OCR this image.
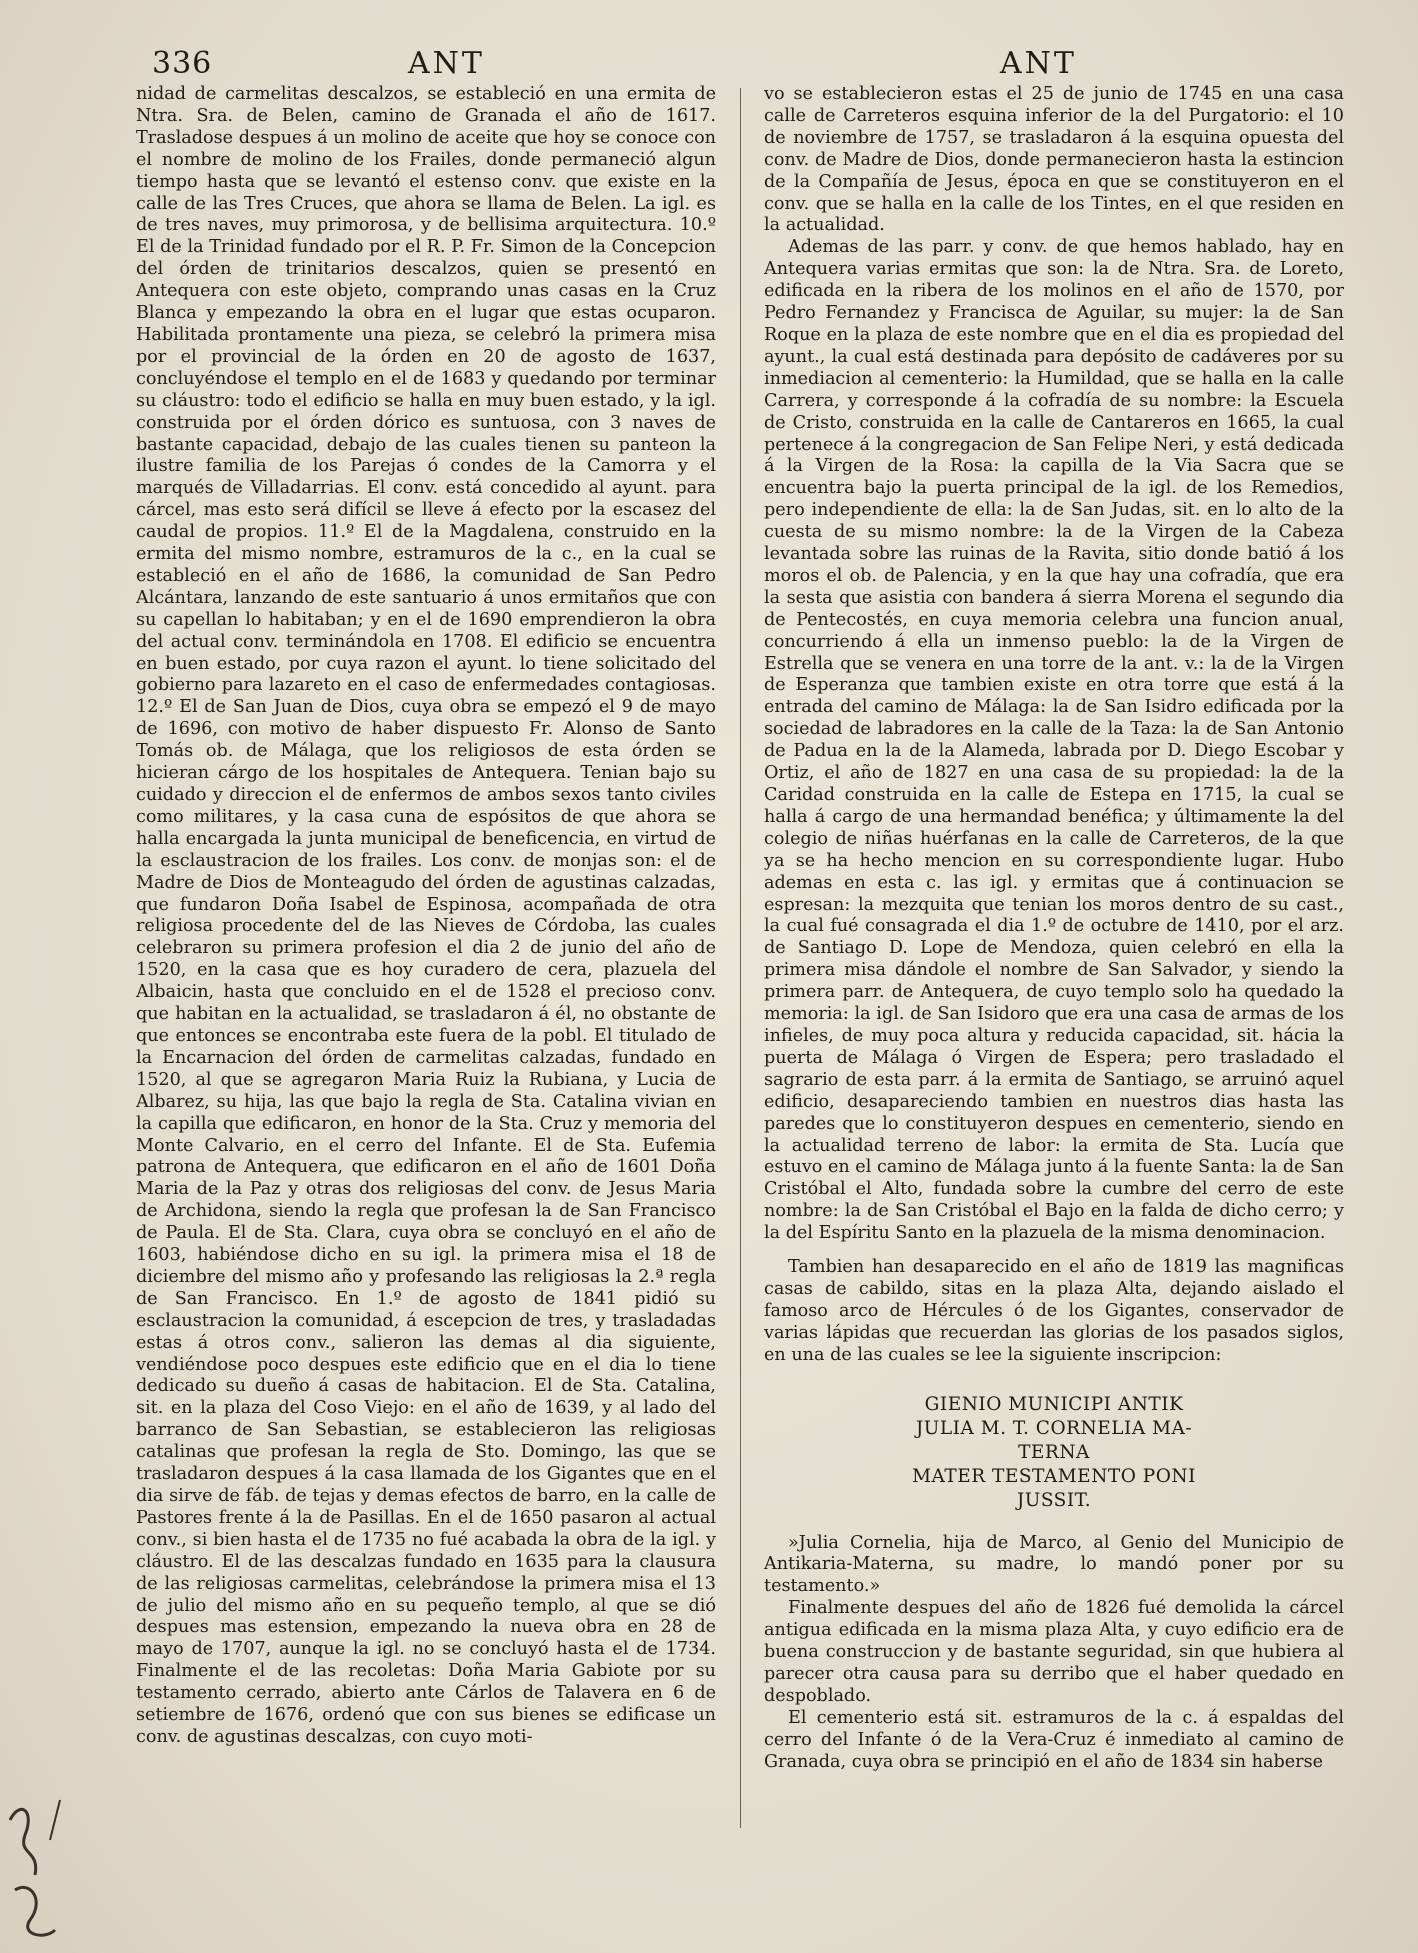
336	ANT	ANT

nidad de carmelitas descalzos, se estableció en una ermita de Ntra. Sra. de Belen, camino de Granada el año de 1617. Trasladose despues á un molino de aceite que hoy se conoce con el nombre de molino de los Frailes, donde permaneció algun tiempo hasta que se levantó el estenso conv. que existe en la calle de las Tres Cruces, que ahora se llama de Belen. La igl. es de tres naves, muy primorosa, y de bellisima arquitectura. 10.º El de la Trinidad fundado por el R. P. Fr. Simon de la Concepcion del órden de trinitarios descalzos, quien se presentó en Antequera con este objeto, comprando unas casas en la Cruz Blanca y empezando la obra en el lugar que estas ocuparon. Habilitada prontamente una pieza, se celebró la primera misa por el provincial de la órden en 20 de agosto de 1637, concluyéndose el templo en el de 1683 y quedando por terminar su cláustro: todo el edificio se halla en muy buen estado, y la igl. construida por el órden dórico es suntuosa, con 3 naves de bastante capacidad, debajo de las cuales tienen su panteon la ilustre familia de los Parejas ó condes de la Camorra y el marqués de Villadarrias. El conv. está concedido al ayunt. para cárcel, mas esto será difícil se lleve á efecto por la escasez del caudal de propios. 11.º El de la Magdalena, construido en la ermita del mismo nombre, estramuros de la c., en la cual se estableció en el año de 1686, la comunidad de San Pedro Alcántara, lanzando de este santuario á unos ermitaños que con su capellan lo habitaban; y en el de 1690 emprendieron la obra del actual conv. terminándola en 1708. El edificio se encuentra en buen estado, por cuya razon el ayunt. lo tiene solicitado del gobierno para lazareto en el caso de enfermedades contagiosas. 12.º El de San Juan de Dios, cuya obra se empezó el 9 de mayo de 1696, con motivo de haber dispuesto Fr. Alonso de Santo Tomás ob. de Málaga, que los religiosos de esta órden se hicieran cárgo de los hospitales de Antequera. Tenian bajo su cuidado y direccion el de enfermos de ambos sexos tanto civiles como militares, y la casa cuna de espósitos de que ahora se halla encargada la junta municipal de beneficencia, en virtud de la esclaustracion de los frailes. Los conv. de monjas son: el de Madre de Dios de Monteagudo del órden de agustinas calzadas, que fundaron Doña Isabel de Espinosa, acompañada de otra religiosa procedente del de las Nieves de Córdoba, las cuales celebraron su primera profesion el dia 2 de junio del año de 1520, en la casa que es hoy curadero de cera, plazuela del Albaicin, hasta que concluido en el de 1528 el precioso conv. que habitan en la actualidad, se trasladaron á él, no obstante de que entonces se encontraba este fuera de la pobl. El titulado de la Encarnacion del órden de carmelitas calzadas, fundado en 1520, al que se agregaron Maria Ruiz la Rubiana, y Lucia de Albarez, su hija, las que bajo la regla de Sta. Catalina vivian en la capilla que edificaron, en honor de la Sta. Cruz y memoria del Monte Calvario, en el cerro del Infante. El de Sta. Eufemia patrona de Antequera, que edificaron en el año de 1601 Doña Maria de la Paz y otras dos religiosas del conv. de Jesus Maria de Archidona, siendo la regla que profesan la de San Francisco de Paula. El de Sta. Clara, cuya obra se concluyó en el año de 1603, habiéndose dicho en su igl. la primera misa el 18 de diciembre del mismo año y profesando las religiosas la 2.ª regla de San Francisco. En 1.º de agosto de 1841 pidió su esclaustracion la comunidad, á escepcion de tres, y trasladadas estas á otros conv., salieron las demas al dia siguiente, vendiéndose poco despues este edificio que en el dia lo tiene dedicado su dueño á casas de habitacion. El de Sta. Catalina, sit. en la plaza del Coso Viejo: en el año de 1639, y al lado del barranco de San Sebastian, se establecieron las religiosas catalinas que profesan la regla de Sto. Domingo, las que se trasladaron despues á la casa llamada de los Gigantes que en el dia sirve de fáb. de tejas y demas efectos de barro, en la calle de Pastores frente á la de Pasillas. En el de 1650 pasaron al actual conv., si bien hasta el de 1735 no fué acabada la obra de la igl. y cláustro. El de las descalzas fundado en 1635 para la clausura de las religiosas carmelitas, celebrándose la primera misa el 13 de julio del mismo año en su pequeño templo, al que se dió despues mas estension, empezando la nueva obra en 28 de mayo de 1707, aunque la igl. no se concluyó hasta el de 1734. Finalmente el de las recoletas: Doña Maria Gabiote por su testamento cerrado, abierto ante Cárlos de Talavera en 6 de setiembre de 1676, ordenó que con sus bienes se edificase un conv. de agustinas descalzas, con cuyo moti-

vo se establecieron estas el 25 de junio de 1745 en una casa calle de Carreteros esquina inferior de la del Purgatorio: el 10 de noviembre de 1757, se trasladaron á la esquina opuesta del conv. de Madre de Dios, donde permanecieron hasta la estincion de la Compañía de Jesus, época en que se constituyeron en el conv. que se halla en la calle de los Tintes, en el que residen en la actualidad.

Ademas de las parr. y conv. de que hemos hablado, hay en Antequera varias ermitas que son: la de Ntra. Sra. de Loreto, edificada en la ribera de los molinos en el año de 1570, por Pedro Fernandez y Francisca de Aguilar, su mujer: la de San Roque en la plaza de este nombre que en el dia es propiedad del ayunt., la cual está destinada para depósito de cadáveres por su inmediacion al cementerio: la Humildad, que se halla en la calle Carrera, y corresponde á la cofradía de su nombre: la Escuela de Cristo, construida en la calle de Cantareros en 1665, la cual pertenece á la congregacion de San Felipe Neri, y está dedicada á la Virgen de la Rosa: la capilla de la Via Sacra que se encuentra bajo la puerta principal de la igl. de los Remedios, pero independiente de ella: la de San Judas, sit. en lo alto de la cuesta de su mismo nombre: la de la Virgen de la Cabeza levantada sobre las ruinas de la Ravita, sitio donde batió á los moros el ob. de Palencia, y en la que hay una cofradía, que era la sesta que asistia con bandera á sierra Morena el segundo dia de Pentecostés, en cuya memoria celebra una funcion anual, concurriendo á ella un inmenso pueblo: la de la Virgen de Estrella que se venera en una torre de la ant. v.: la de la Virgen de Esperanza que tambien existe en otra torre que está á la entrada del camino de Málaga: la de San Isidro edificada por la sociedad de labradores en la calle de la Taza: la de San Antonio de Padua en la de la Alameda, labrada por D. Diego Escobar y Ortiz, el año de 1827 en una casa de su propiedad: la de la Caridad construida en la calle de Estepa en 1715, la cual se halla á cargo de una hermandad benéfica; y últimamente la del colegio de niñas huérfanas en la calle de Carreteros, de la que ya se ha hecho mencion en su correspondiente lugar. Hubo ademas en esta c. las igl. y ermitas que á continuacion se espresan: la mezquita que tenian los moros dentro de su cast., la cual fué consagrada el dia 1.º de octubre de 1410, por el arz. de Santiago D. Lope de Mendoza, quien celebró en ella la primera misa dándole el nombre de San Salvador, y siendo la primera parr. de Antequera, de cuyo templo solo ha quedado la memoria: la igl. de San Isidoro que era una casa de armas de los infieles, de muy poca altura y reducida capacidad, sit. hácia la puerta de Málaga ó Virgen de Espera; pero trasladado el sagrario de esta parr. á la ermita de Santiago, se arruinó aquel edificio, desapareciendo tambien en nuestros dias hasta las paredes que lo constituyeron despues en cementerio, siendo en la actualidad terreno de labor: la ermita de Sta. Lucía que estuvo en el camino de Málaga junto á la fuente Santa: la de San Cristóbal el Alto, fundada sobre la cumbre del cerro de este nombre: la de San Cristóbal el Bajo en la falda de dicho cerro; y la del Espíritu Santo en la plazuela de la misma denominacion.

Tambien han desaparecido en el año de 1819 las magnificas casas de cabildo, sitas en la plaza Alta, dejando aislado el famoso arco de Hércules ó de los Gigantes, conservador de varias lápidas que recuerdan las glorias de los pasados siglos, en una de las cuales se lee la siguiente inscripcion:

GIENIO MUNICIPI ANTIK
JULIA M. T. CORNELIA MA-
TERNA
MATER TESTAMENTO PONI
JUSSIT.

»Julia Cornelia, hija de Marco, al Genio del Municipio de Antikaria-Materna, su madre, lo mandó poner por su testamento.»

Finalmente despues del año de 1826 fué demolida la cárcel antigua edificada en la misma plaza Alta, y cuyo edificio era de buena construccion y de bastante seguridad, sin que hubiera al parecer otra causa para su derribo que el haber quedado en despoblado.

El cementerio está sit. estramuros de la c. á espaldas del cerro del Infante ó de la Vera-Cruz é inmediato al camino de Granada, cuya obra se principió en el año de 1834 sin haberse
